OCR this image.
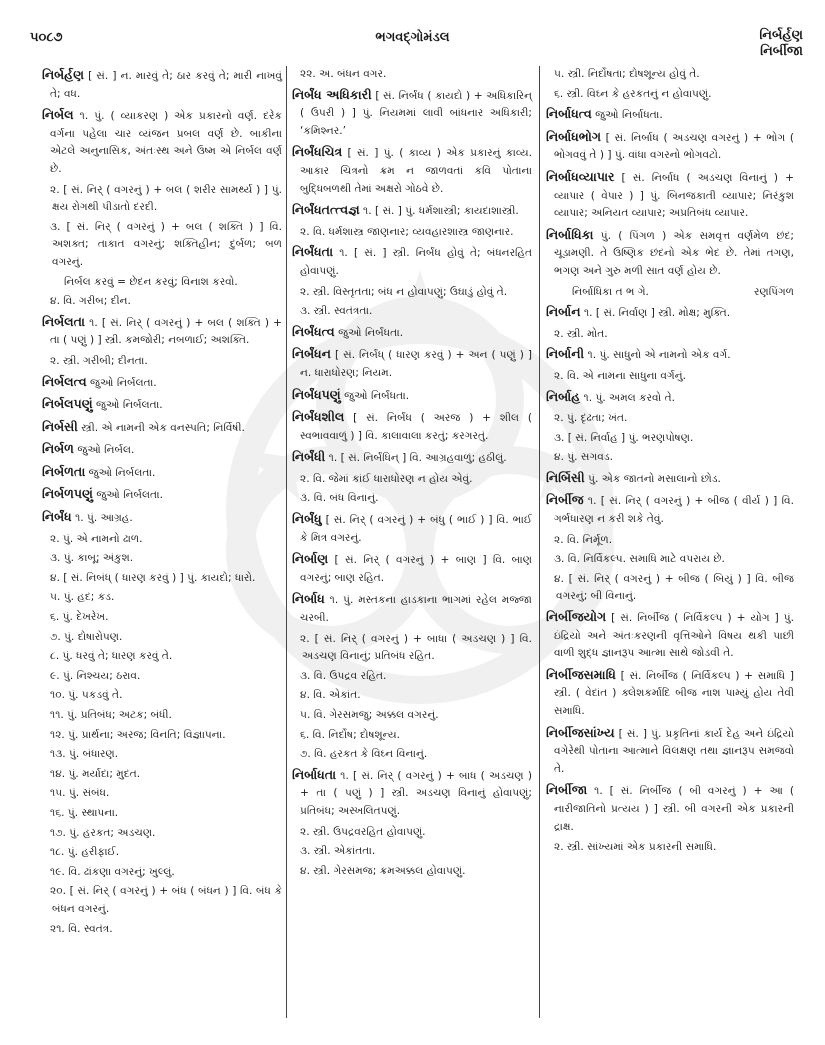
૫૦૮૭	ભગવદ્ગોમંડલ	નિર્બર્હણ
નિર્બીજા
નિર્બર્હણ [ સં. ] ન. મારવું તે; ઠાર કરવું તે; મારી નાખવું તે; વધ.
નિર્બલ ૧. પું. ( વ્યાકરણ ) એક પ્રકારનો વર્ણ. દરેક વર્ગના પહેલા ચાર વ્યંજન પ્રબલ વર્ણ છે. બાકીના એટલે અનુનાસિક, અંતઃસ્થ અને ઉષ્મ એ નિર્બલ વર્ણ છે.
૨. [ સં. નિર્ ( વગરનું ) + બલ ( શરીર સામર્થ્ય ) ] પું. ક્ષય રોગથી પીડાતો દરદી.
૩. [ સં. નિર્ ( વગરનું ) + બલ ( શક્તિ ) ] વિ. અશક્ત; તાકાત વગરનું; શક્તિહીન; દુર્બળ; બળ વગરનું.
નિર્બલ કરવું = છેદન કરવું; વિનાશ કરવો.
૪. વિ. ગરીબ; દીન.
નિર્બલતા ૧. [ સં. નિર્ ( વગરનું ) + બલ ( શક્તિ ) + તા ( પણું ) ] સ્ત્રી. કમજોરી; નબળાઈ; અશક્તિ.
૨. સ્ત્રી. ગરીબી; દીનતા.
નિર્બલત્વ જુઓ નિર્બલતા.
નિર્બલપણું જુઓ નિર્બલતા.
નિર્બસી સ્ત્રી. એ નામની એક વનસ્પતિ; નિર્વિષી.
નિર્બળ જુઓ નિર્બલ.
નિર્બળતા જુઓ નિર્બલતા.
નિર્બળપણું જુઓ નિર્બલતા.
નિર્બંધ ૧. પું. આગ્રહ.
૨. પું. એ નામનો ઢાળ.
૩. પું. કાબૂ; અંકુશ.
૪. [ સં. નિબંધ્ ( ધારણ કરવું ) ] પું. કાયદો; ધારો.
૫. પું. હદ; કડ.
૬. પું. દેખરેખ.
૭. પું. દોષારોપણ.
૮. પું. ધરવું તે; ધારણ કરવું તે.
૯. પું. નિશ્ચય; ઠરાવ.
૧૦. પું. પકડવું તે.
૧૧. પું. પ્રતિબંધ; અટક; બંધી.
૧૨. પું. પ્રાર્થના; અરજ; વિનતિ; વિજ્ઞાપના.
૧૩. પું. બંધારણ.
૧૪. પું. મર્યાદા; મુદત.
૧૫. પું. સંબંધ.
૧૬. પું. સ્થાપના.
૧૭. પું. હરકત; અડચણ.
૧૮. પું. હરીફાઈ.
૧૯. વિ. ઢાંકણા વગરનું; ખુલ્લું.
૨૦. [ સં. નિર્ ( વગરનું ) + બંધ ( બંધન ) ] વિ. બંધ કે બંધન વગરનું.
૨૧. વિ. સ્વતંત્ર.
૨૨. અ. બંધન વગર.
નિર્બંધ અધિકારી [ સં. નિર્બંધ ( કાયદો ) + અધિકારિન્ ( ઉપરી ) ] પું. નિયમમાં લાવી બાંધનાર અધિકારી; ‘કમિશ્નર.’
નિર્બંધચિત્ર [ સં. ] પું. ( કાવ્ય ) એક પ્રકારનું કાવ્ય. આકાર ચિત્રનો ક્રમ ન જાળવતાં કવિ પોતાના બુદ્ધિબળથી તેમાં અક્ષરો ગોઠવે છે.
નિર્બંધતત્ત્વજ્ઞ ૧. [ સં. ] પું. ધર્મશાસ્ત્રી; કાયદાશાસ્ત્રી.
૨. વિ. ધર્મશાસ્ત્ર જાણનાર; વ્યવહારશાસ્ત્ર જાણનાર.
નિર્બંધતા ૧. [ સં. ] સ્ત્રી. નિર્બંધ હોવું તે; બંધનરહિત હોવાપણું.
૨. સ્ત્રી. વિસ્તૃતતા; બંધ ન હોવાપણું; ઉઘાડું હોવું તે.
૩. સ્ત્રી. સ્વતંત્રતા.
નિર્બંધત્વ જુઓ નિર્બંધતા.
નિર્બંધન [ સં. નિર્બંધ્ ( ધારણ કરવું ) + અન ( પણું ) ] ન. ધારાધોરણ; નિયમ.
નિર્બંધપણું જુઓ નિર્બંધતા.
નિર્બંધશીલ [ સં. નિર્બંધ ( અરજ ) + શીલ ( સ્વભાવવાળું ) ] વિ. કાલાવાલા કરતું; કરગરતું.
નિર્બંધી ૧. [ સં. નિર્બંધિન્ ] વિ. આગ્રહવાળું; હઠીલું.
૨. વિ. જેમાં કાંઈ ધારાધોરણ ન હોય એવું.
૩. વિ. બંધ વિનાનું.
નિર્બંધુ [ સં. નિર્ ( વગરનું ) + બંધુ ( ભાઈ ) ] વિ. ભાઈ કે મિત્ર વગરનું.
નિર્બાણ [ સં. નિર્ ( વગરનું ) + બાણ ] વિ. બાણ વગરનું; બાણ રહિત.
નિર્બાધ ૧. પું. મસ્તકના હાડકાના ભાગમાં રહેલ મજ્જા ચરબી.
૨. [ સં. નિર્ ( વગરનું ) + બાધા ( અડચણ ) ] વિ. અડચણ વિનાનું; પ્રતિબંધ રહિત.
૩. વિ. ઉપદ્રવ રહિત.
૪. વિ. એકાંત.
૫. વિ. ગેરસમજુ; અક્કલ વગરનું.
૬. વિ. નિર્દોષ; દોષશૂન્ય.
૭. વિ. હરકત કે વિઘ્ન વિનાનું.
નિર્બાધતા ૧. [ સં. નિર્ ( વગરનું ) + બાધ ( અડચણ ) + તા ( પણું ) ] સ્ત્રી. અડચણ વિનાનું હોવાપણું; પ્રતિબંધ; અસ્ખલિતપણું.
૨. સ્ત્રી. ઉપદ્રવરહિત હોવાપણું.
૩. સ્ત્રી. એકાંતતા.
૪. સ્ત્રી. ગેરસમજ; ક્રમઅક્કલ હોવાપણું.
૫. સ્ત્રી. નિર્દોષતા; દોષશૂન્ય હોવું તે.
૬. સ્ત્રી. વિઘ્ન કે હરકતનું ન હોવાપણું.
નિર્બાધત્વ જુઓ નિર્બાધતા.
નિર્બાધભોગ [ સં. નિર્બાધ ( અડચણ વગરનું ) + ભોગ ( ભોગવવું તે ) ] પું. વાંધા વગરનો ભોગવટો.
નિર્બાધવ્યાપાર [ સં. નિર્બાધ ( અડચણ વિનાનું ) + વ્યાપાર ( વેપાર ) ] પું. બિનજકાતી વ્યાપાર; નિરંકુશ વ્યાપાર; અનિયત વ્યાપાર; અપ્રતિબંધ વ્યાપાર.
નિર્બાધિકા પું. ( પિંગળ ) એક સમવૃત્ત વર્ણમેળ છંદ; ચૂડામણી. તે ઉષ્ણિક છંદનો એક ભેદ છે. તેમાં તગણ, ભગણ અને ગુરુ મળી સાત વર્ણ હોય છે.
નિર્બાધિકા ત ભ ગે.	રણપિંગળ
નિર્બાન ૧. [ સં. નિર્વાણ ] સ્ત્રી. મોક્ષ; મુક્તિ.
૨. સ્ત્રી. મોત.
નિર્બાની ૧. પું. સાધુનો એ નામનો એક વર્ગ.
૨. વિ. એ નામના સાધુના વર્ગનું.
નિર્બાહ ૧. પું. અમલ કરવો તે.
૨. પું. દૃઢતા; ખંત.
૩. [ સં. નિર્વાહ ] પું. ભરણપોષણ.
૪. પું. સગવડ.
નિર્બિસી પું. એક જાતનો મસાલાનો છોડ.
નિર્બીજ ૧. [ સં. નિર્ ( વગરનું ) + બીજ ( વીર્ય ) ] વિ. ગર્ભધારણ ન કરી શકે તેવું.
૨. વિ. નિર્મૂળ.
૩. વિ. નિર્વિકલ્પ. સમાધિ માટે વપરાય છે.
૪. [ સં. નિર્ ( વગરનું ) + બીજ ( બિયું ) ] વિ. બીજ વગરનું; બી વિનાનું.
નિર્બીજયોગ [ સં. નિર્બીજ ( નિર્વિકલ્પ ) + યોગ ] પું. ઇંદ્રિયો અને અંતઃકરણની વૃત્તિઓને વિષય થકી પાછી વાળી શુદ્ધ જ્ઞાનરૂપ આત્મા સાથે જોડવી તે.
નિર્બીજસમાધિ [ સં. નિર્બીજ ( નિર્વિકલ્પ ) + સમાધિ ] સ્ત્રી. ( વેદાંત ) ક્લેશકર્માદિ બીજ નાશ પામ્યું હોય તેવી સમાધિ.
નિર્બીજસાંખ્ય [ સં. ] પું. પ્રકૃતિનાં કાર્ય દેહ અને ઇંદ્રિયો વગેરેથી પોતાના આત્માને વિલક્ષણ તથા જ્ઞાનરૂપ સમજવો તે.
નિર્બીજા ૧. [ સં. નિર્બીજ ( બી વગરનું ) + આ ( નારીજાતિનો પ્રત્યય ) ] સ્ત્રી. બી વગરની એક પ્રકારની દ્રાક્ષ.
૨. સ્ત્રી. સાંખ્યમાં એક પ્રકારની સમાધિ.
